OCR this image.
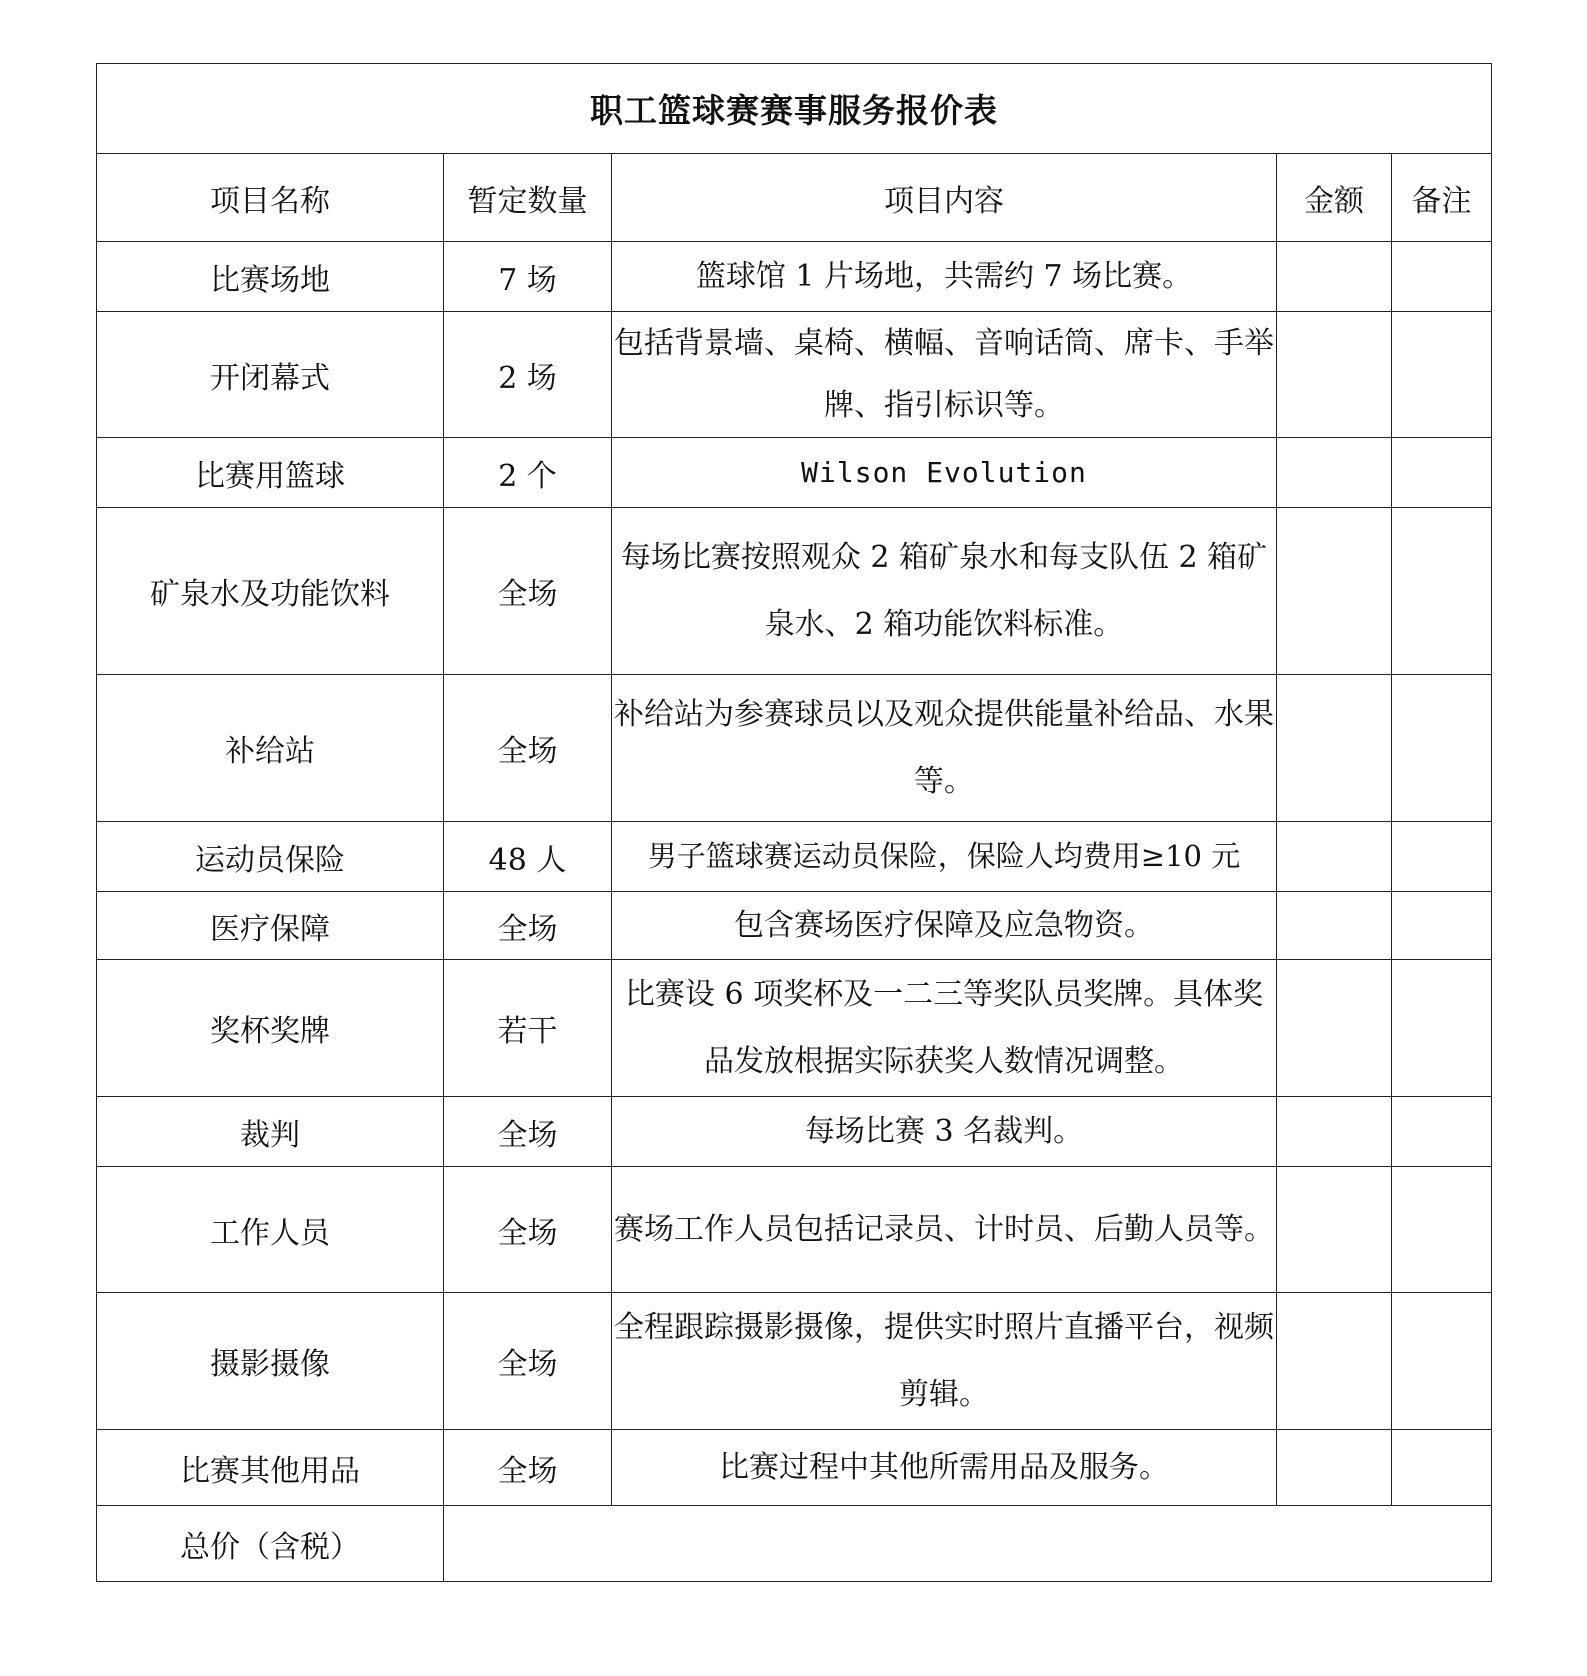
职工篮球赛赛事服务报价表				
项目名称	暂定数量	项目内容	金额	备注
比赛场地	7 场	篮球馆 1 片场地，共需约 7 场比赛。		
开闭幕式	2 场	包括背景墙、桌椅、横幅、音响话筒、席卡、手举牌、指引标识等。		
比赛用篮球	2 个	Wilson Evolution		
矿泉水及功能饮料	全场	每场比赛按照观众 2 箱矿泉水和每支队伍 2 箱矿泉水、2 箱功能饮料标准。		
补给站	全场	补给站为参赛球员以及观众提供能量补给品、水果等。		
运动员保险	48 人	男子篮球赛运动员保险，保险人均费用≥10 元		
医疗保障	全场	包含赛场医疗保障及应急物资。		
奖杯奖牌	若干	比赛设 6 项奖杯及一二三等奖队员奖牌。具体奖品发放根据实际获奖人数情况调整。		
裁判	全场	每场比赛 3 名裁判。		
工作人员	全场	赛场工作人员包括记录员、计时员、后勤人员等。		
摄影摄像	全场	全程跟踪摄影摄像，提供实时照片直播平台，视频剪辑。		
比赛其他用品	全场	比赛过程中其他所需用品及服务。		
总价（含税）				
